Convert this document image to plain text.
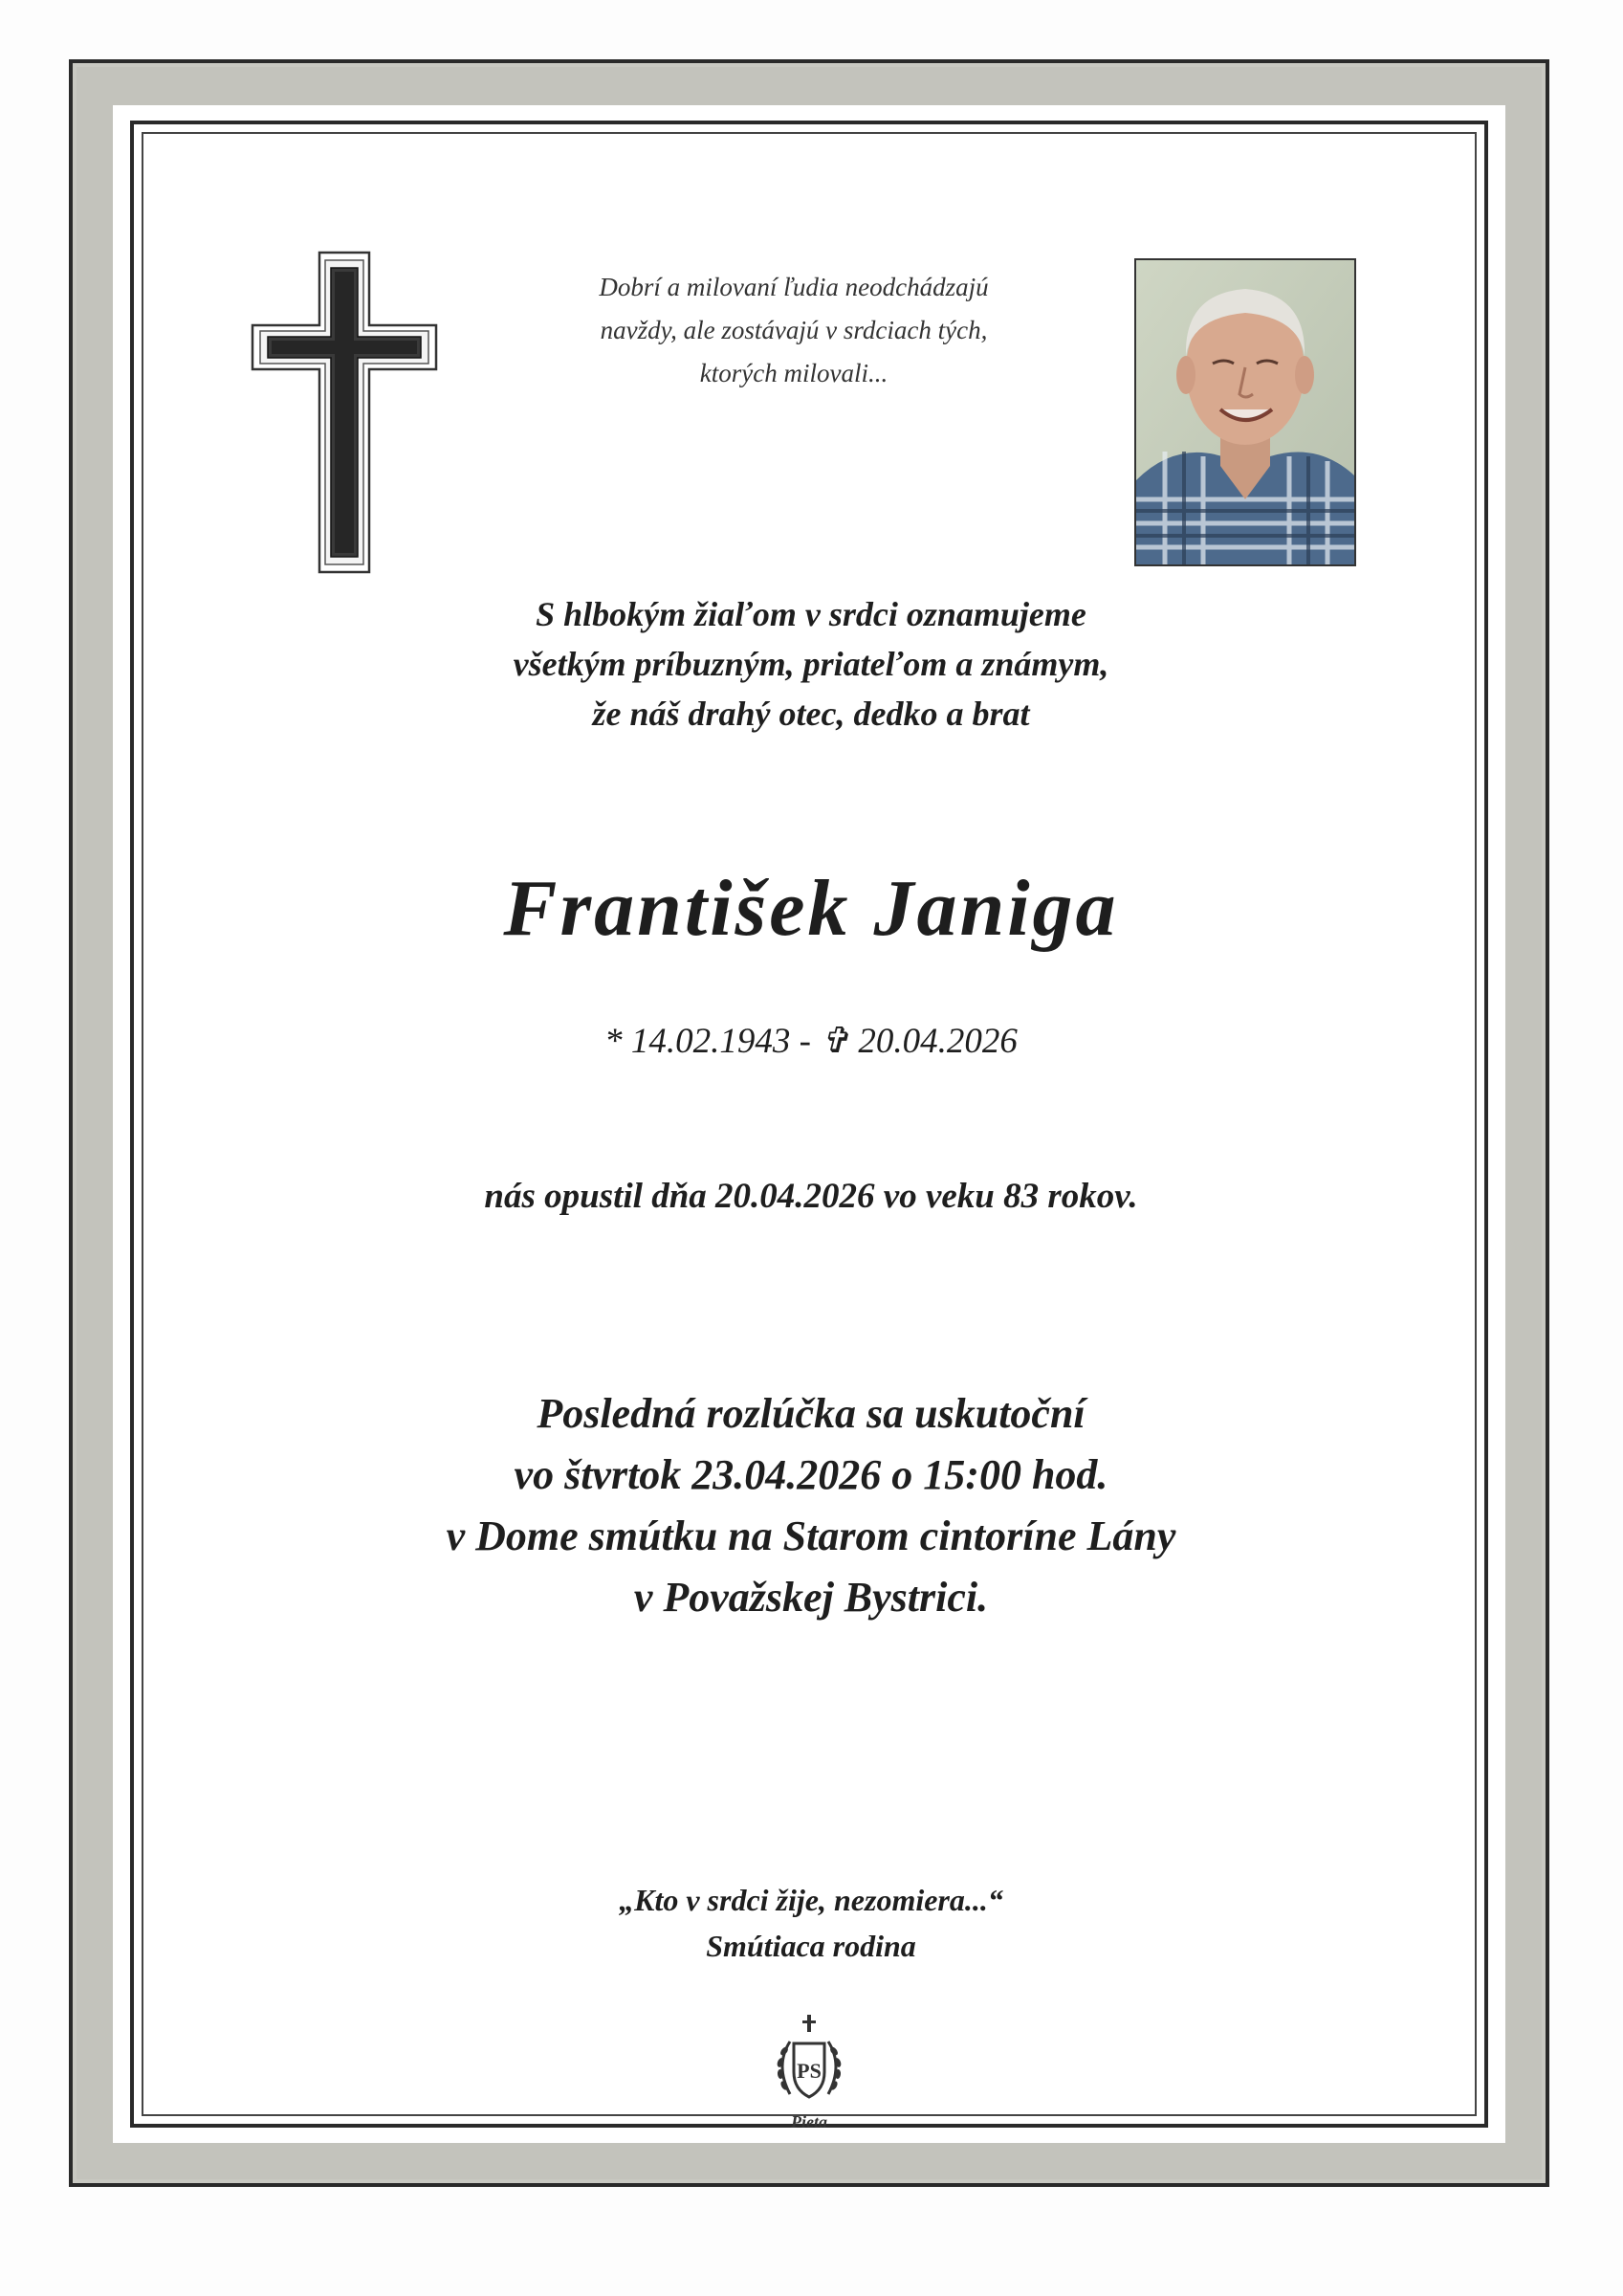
Dobrí a milovaní ľudia neodchádzajú
navždy, ale zostávajú v srdciach tých,
ktorých milovali...
S hlbokým žiaľom v srdci oznamujeme
všetkým príbuzným, priateľom a známym,
že náš drahý otec, dedko a brat
František Janiga
* 14.02.1943 - ✞ 20.04.2026
nás opustil dňa 20.04.2026 vo veku 83 rokov.
Posledná rozlúčka sa uskutoční
vo štvrtok 23.04.2026 o 15:00 hod.
v Dome smútku na Starom cintoríne Lány
v Považskej Bystrici.
„Kto v srdci žije, nezomiera...“
Smútiaca rodina
PS
Pieta
